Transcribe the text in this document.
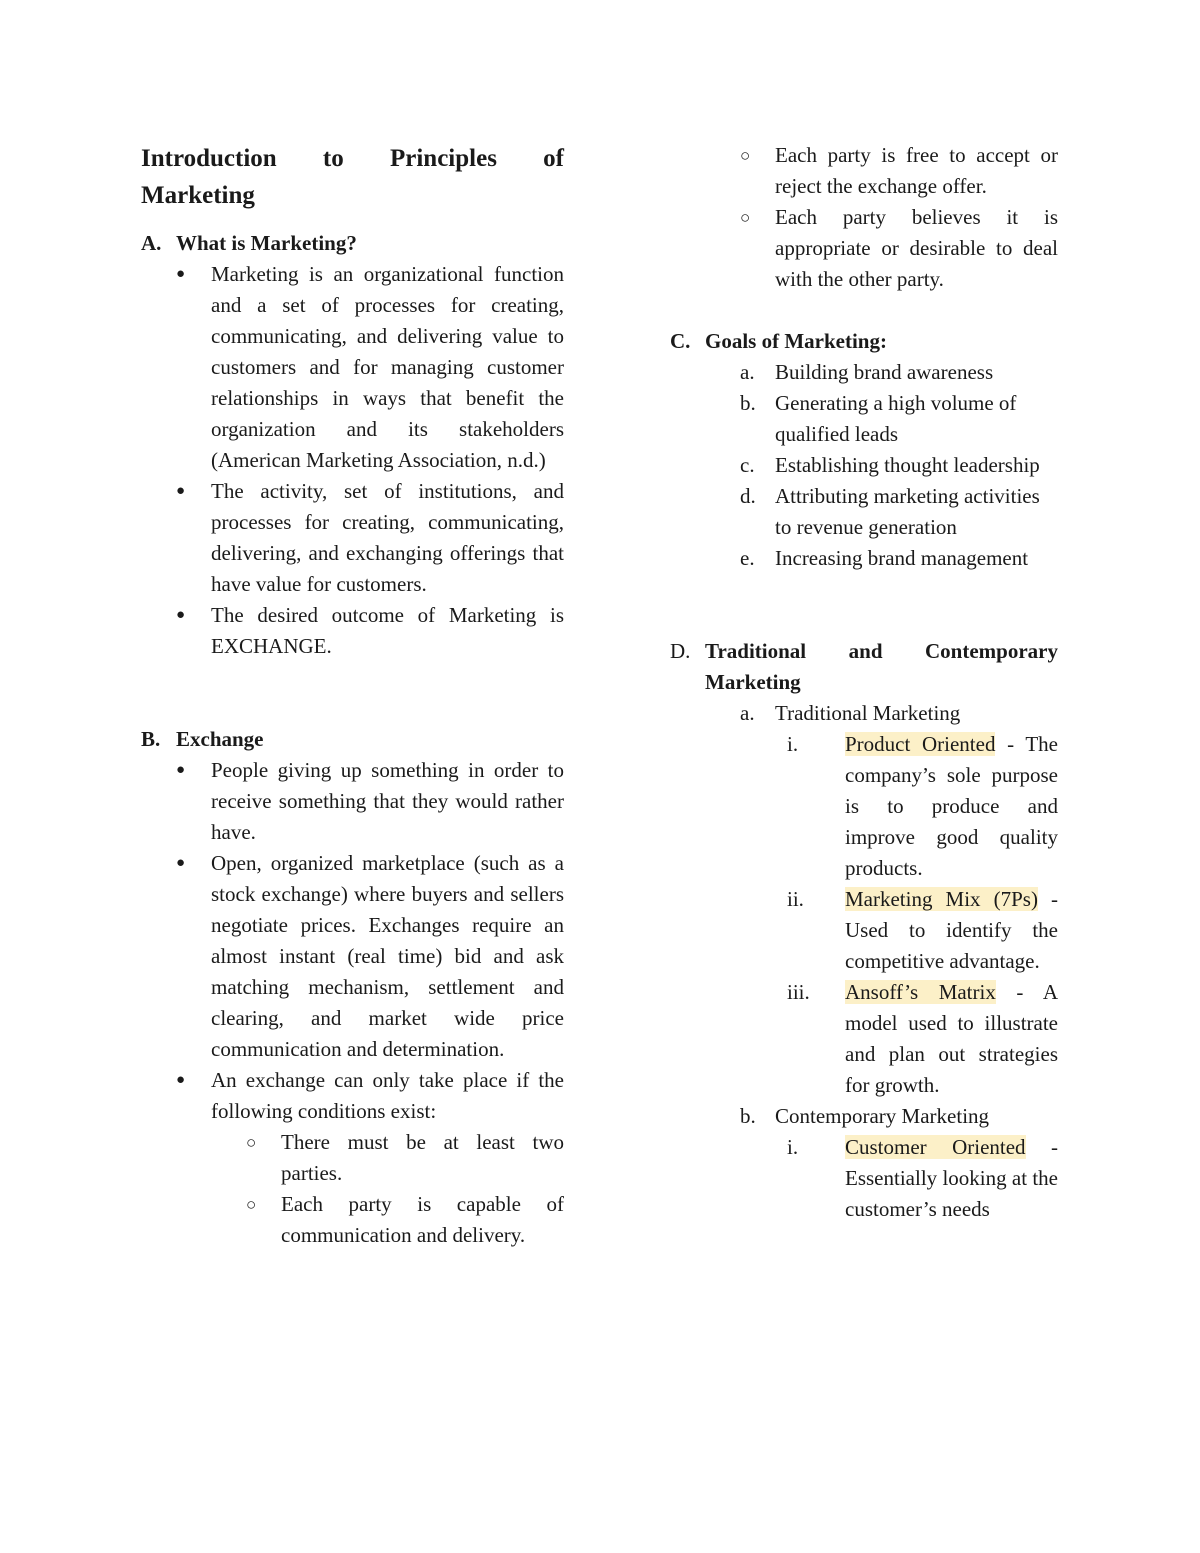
Introduction to Principles of
Marketing
A. What is Marketing?
●	Marketing is an organizational function and a set of processes for creating, communicating, and delivering value to customers and for managing customer relationships in ways that benefit the organization and its stakeholders (American Marketing Association, n.d.)
●	The activity, set of institutions, and processes for creating, communicating, delivering, and exchanging offerings that have value for customers.
●	The desired outcome of Marketing is EXCHANGE.
B. Exchange
●	People giving up something in order to receive something that they would rather have.
●	Open, organized marketplace (such as a stock exchange) where buyers and sellers negotiate prices. Exchanges require an almost instant (real time) bid and ask matching mechanism, settlement and clearing, and market wide price communication and determination.
●	An exchange can only take place if the following conditions exist:
○	There must be at least two parties.
○	Each party is capable of communication and delivery.
○	Each party is free to accept or reject the exchange offer.
○	Each party believes it is appropriate or desirable to deal with the other party.
C. Goals of Marketing:
a. Building brand awareness
b. Generating a high volume of qualified leads
c. Establishing thought leadership
d. Attributing marketing activities to revenue generation
e. Increasing brand management
D. Traditional and Contemporary Marketing
a. Traditional Marketing
i.	Product Oriented - The company’s sole purpose is to produce and improve good quality products.
ii.	Marketing Mix (7Ps) - Used to identify the competitive advantage.
iii.	Ansoff’s Matrix - A model used to illustrate and plan out strategies for growth.
b. Contemporary Marketing
i.	Customer Oriented - Essentially looking at the customer’s needs
